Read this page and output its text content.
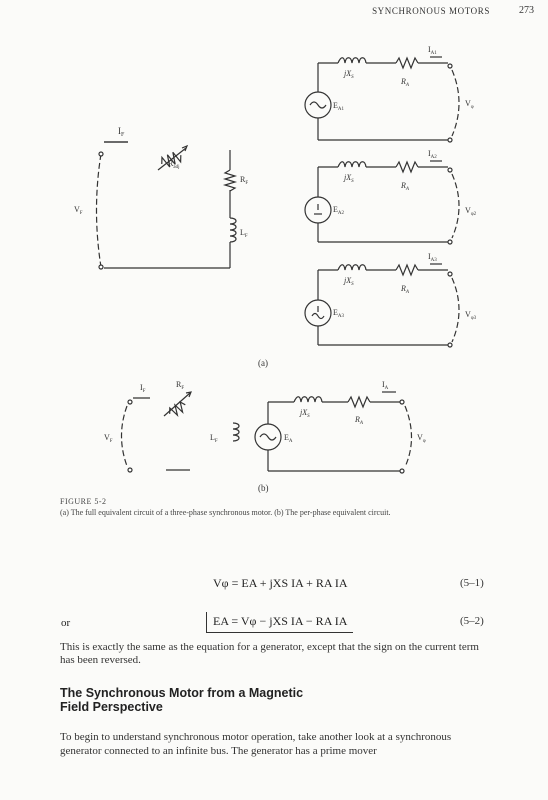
SYNCHRONOUS MOTORS	273
$I_F$
$R_{adj}$
$R_F$
$L_F$
$V_F$
$E_{A1}$
$jX_S$	$R_A$
$I_{A1}$
$V_\varphi$
$E_{A2}$
$jX_S$	$R_A$
$I_{A2}$
$V_{\varphi 2}$
$E_{A3}$
$jX_S$	$R_A$
$I_{A3}$
$V_{\varphi 3}$
(a)
$I_F$
$R_F$
$L_F$
$V_F$	$E_A$
$jX_S$	$R_A$
$I_A$
$V_\varphi$
(b)
FIGURE 5-2
(a) The full equivalent circuit of a three-phase synchronous motor. (b) The per-phase equivalent circuit.
Vφ = EA + jXS IA + RA IA	(5–1)
or	EA = Vφ − jXS IA − RA IA	(5–2)
This is exactly the same as the equation for a generator, except that the sign on the current term has been reversed.
The Synchronous Motor from a Magnetic
Field Perspective
To begin to understand synchronous motor operation, take another look at a synchronous generator connected to an infinite bus. The generator has a prime mover
